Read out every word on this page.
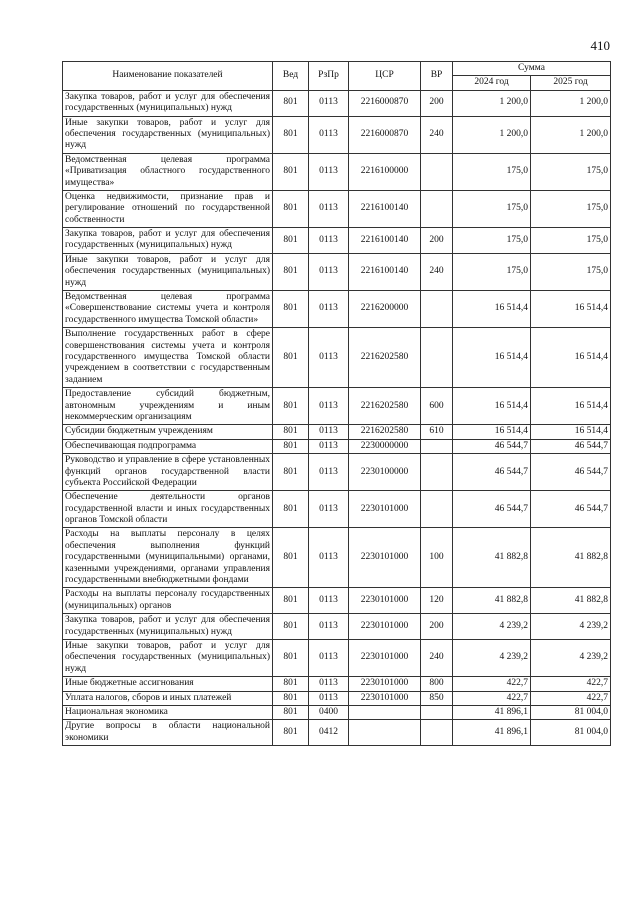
410
Наименование показателей	Вед	РзПр	ЦСР	ВР	Сумма	
					2024 год	2025 год
Закупка товаров, работ и услуг для обеспечения государственных (муниципальных) нужд	801	0113	2216000870	200	1 200,0	1 200,0
Иные закупки товаров, работ и услуг для обеспечения государственных (муниципальных) нужд	801	0113	2216000870	240	1 200,0	1 200,0
Ведомственная целевая программа «Приватизация областного государственного имущества»	801	0113	2216100000		175,0	175,0
Оценка недвижимости, признание прав и регулирование отношений по государственной собственности	801	0113	2216100140		175,0	175,0
Закупка товаров, работ и услуг для обеспечения государственных (муниципальных) нужд	801	0113	2216100140	200	175,0	175,0
Иные закупки товаров, работ и услуг для обеспечения государственных (муниципальных) нужд	801	0113	2216100140	240	175,0	175,0
Ведомственная целевая программа «Совершенствование системы учета и контроля государственного имущества Томской области»	801	0113	2216200000		16 514,4	16 514,4
Выполнение государственных работ в сфере совершенствования системы учета и контроля государственного имущества Томской области учреждением в соответствии с государственным заданием	801	0113	2216202580		16 514,4	16 514,4
Предоставление субсидий бюджетным, автономным учреждениям и иным некоммерческим организациям	801	0113	2216202580	600	16 514,4	16 514,4
Субсидии бюджетным учреждениям	801	0113	2216202580	610	16 514,4	16 514,4
Обеспечивающая подпрограмма	801	0113	2230000000		46 544,7	46 544,7
Руководство и управление в сфере установленных функций органов государственной власти субъекта Российской Федерации	801	0113	2230100000		46 544,7	46 544,7
Обеспечение деятельности органов государственной власти и иных государственных органов Томской области	801	0113	2230101000		46 544,7	46 544,7
Расходы на выплаты персоналу в целях обеспечения выполнения функций государственными (муниципальными) органами, казенными учреждениями, органами управления государственными внебюджетными фондами	801	0113	2230101000	100	41 882,8	41 882,8
Расходы на выплаты персоналу государственных (муниципальных) органов	801	0113	2230101000	120	41 882,8	41 882,8
Закупка товаров, работ и услуг для обеспечения государственных (муниципальных) нужд	801	0113	2230101000	200	4 239,2	4 239,2
Иные закупки товаров, работ и услуг для обеспечения государственных (муниципальных) нужд	801	0113	2230101000	240	4 239,2	4 239,2
Иные бюджетные ассигнования	801	0113	2230101000	800	422,7	422,7
Уплата налогов, сборов и иных платежей	801	0113	2230101000	850	422,7	422,7
Национальная экономика	801	0400			41 896,1	81 004,0
Другие вопросы в области национальной экономики	801	0412			41 896,1	81 004,0
